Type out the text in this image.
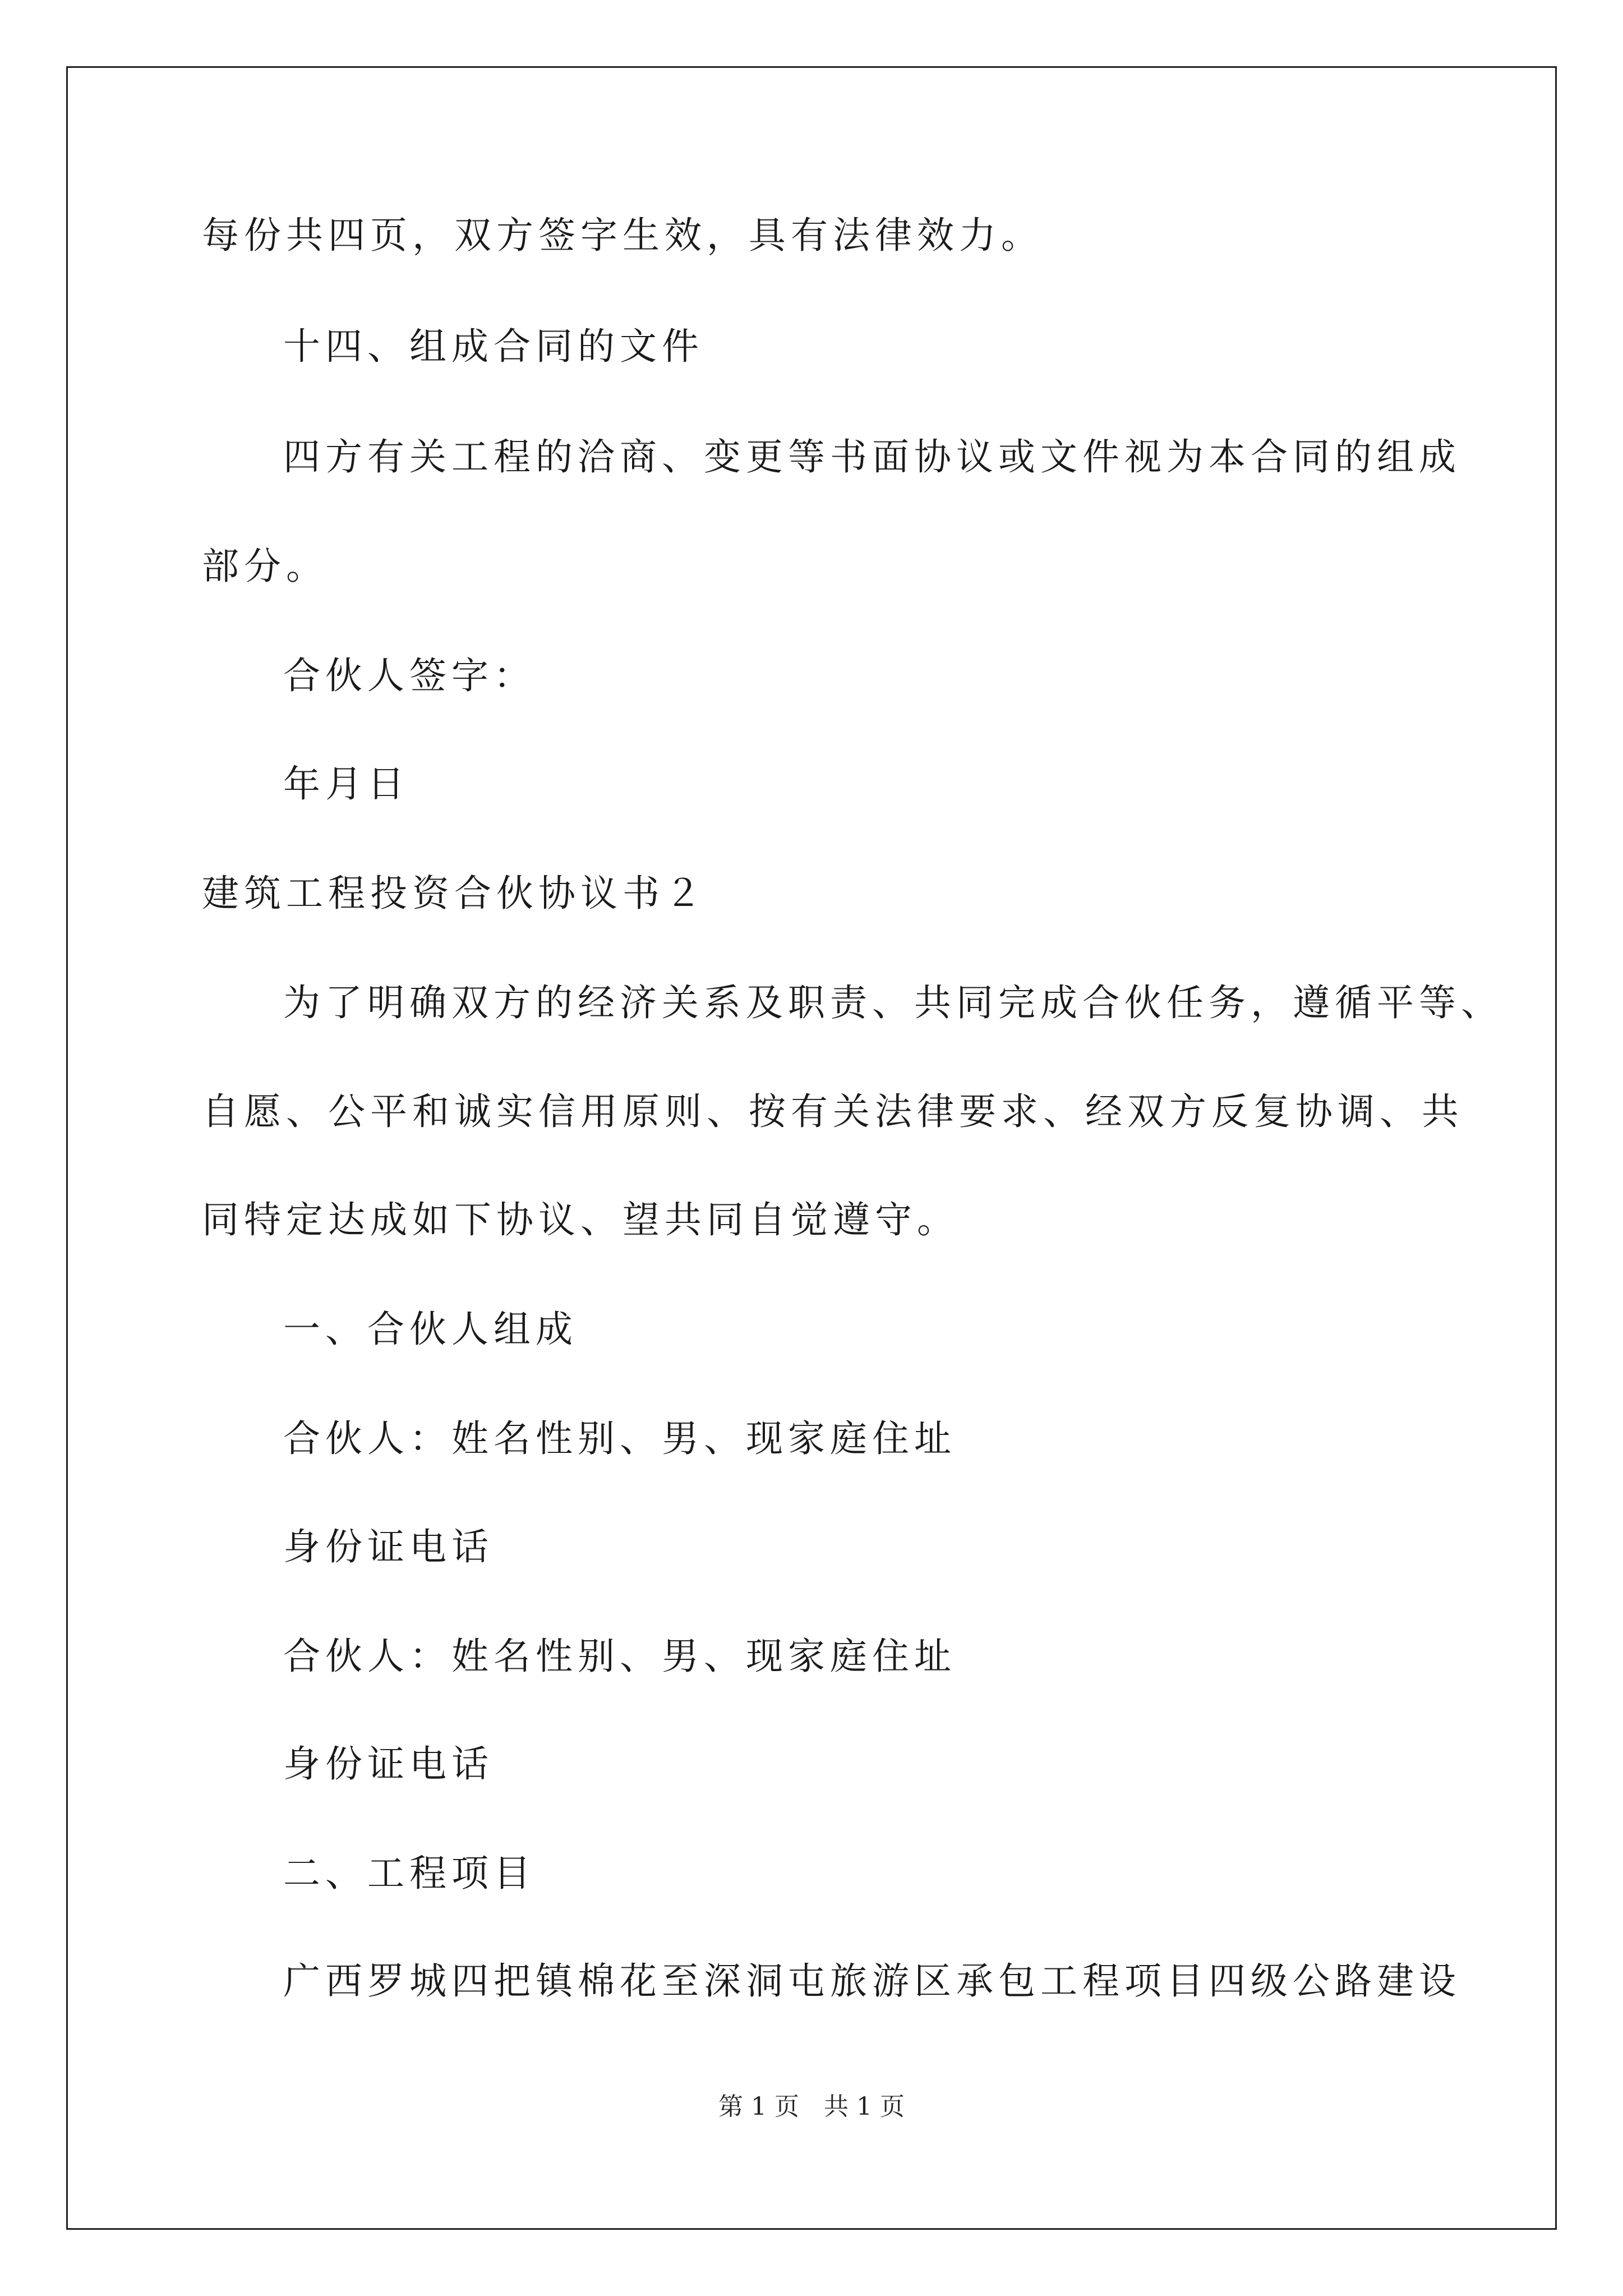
每份共四页，双方签字生效，具有法律效力。
十四、组成合同的文件
四方有关工程的洽商、变更等书面协议或文件视为本合同的组成
部分。
合伙人签字：
年月日
建筑工程投资合伙协议书２
为了明确双方的经济关系及职责、共同完成合伙任务，遵循平等、
自愿、公平和诚实信用原则、按有关法律要求、经双方反复协调、共
同特定达成如下协议、望共同自觉遵守。
一、合伙人组成
合伙人：姓名性别、男、现家庭住址
身份证电话
合伙人：姓名性别、男、现家庭住址
身份证电话
二、工程项目
广西罗城四把镇棉花至深洞屯旅游区承包工程项目四级公路建设
第 1 页　共 1 页
